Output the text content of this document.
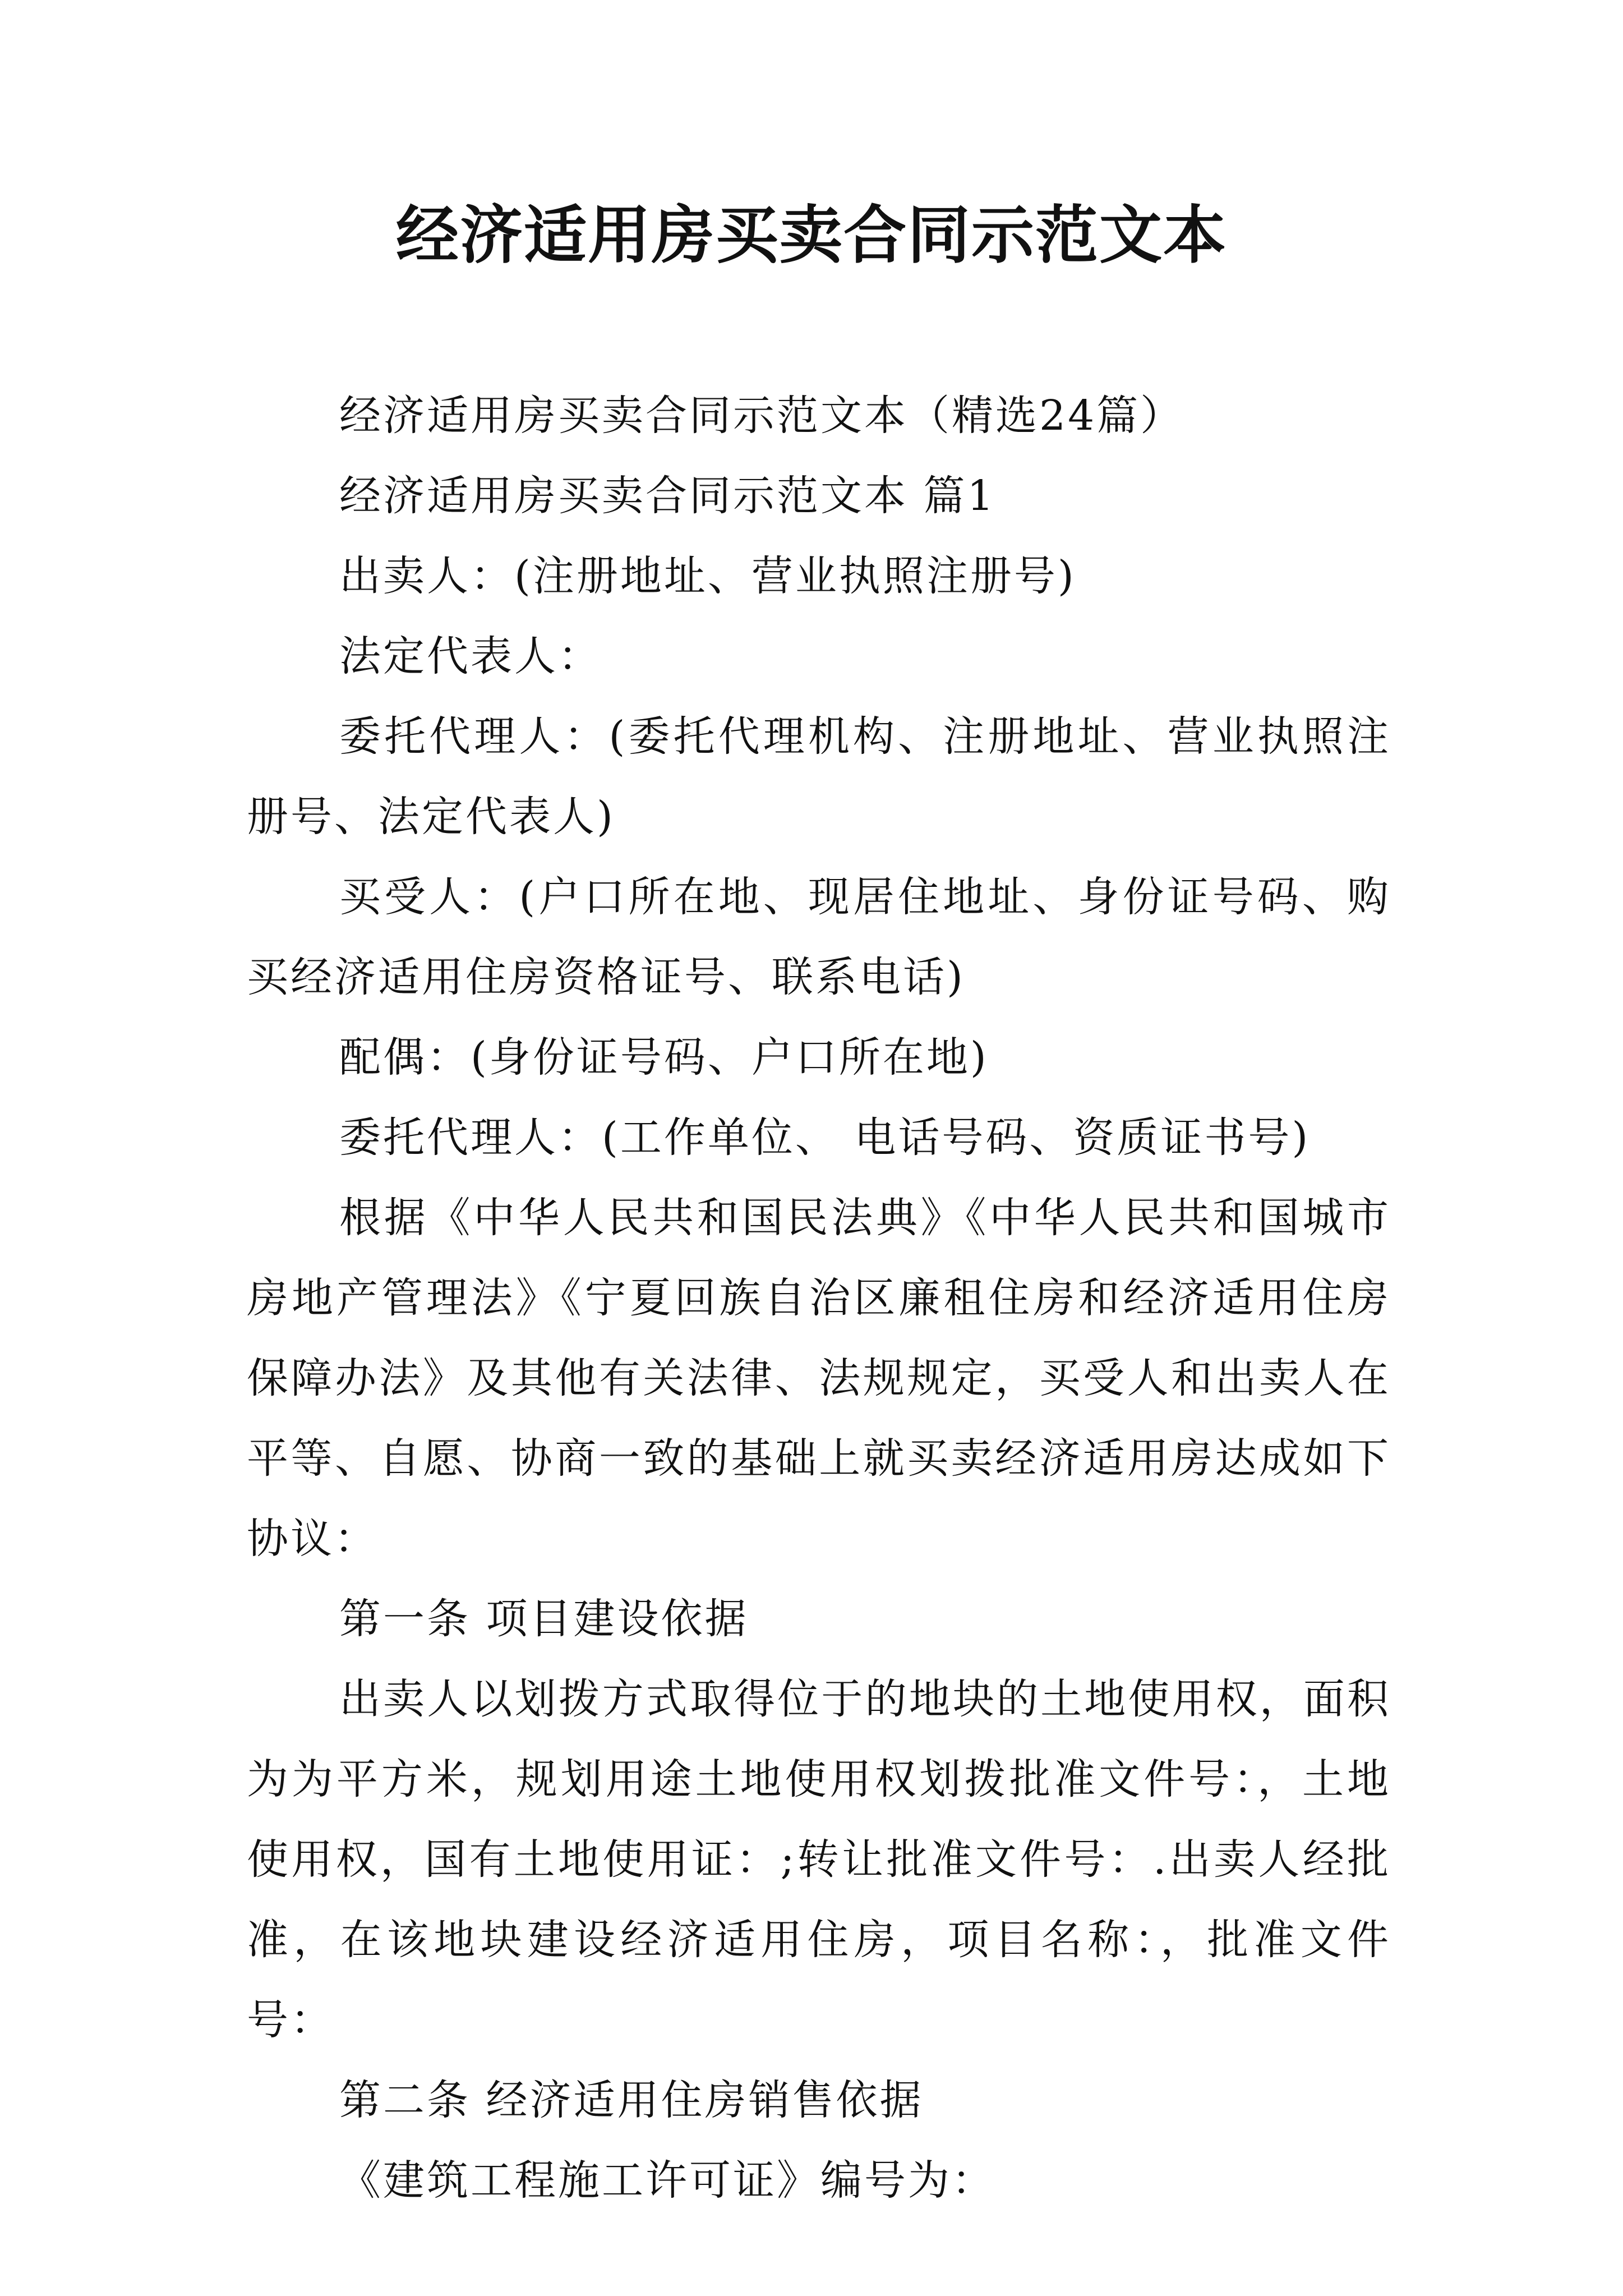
经济适用房买卖合同示范文本

经济适用房买卖合同示范文本（精选24篇）

经济适用房买卖合同示范文本 篇1

出卖人：(注册地址、营业执照注册号)

法定代表人：

委托代理人：(委托代理机构、注册地址、营业执照注册号、法定代表人)

买受人：(户口所在地、现居住地址、身份证号码、购买经济适用住房资格证号、联系电话)

配偶：(身份证号码、户口所在地)

委托代理人：(工作单位、 电话号码、资质证书号)

根据《中华人民共和国民法典》《中华人民共和国城市房地产管理法》《宁夏回族自治区廉租住房和经济适用住房保障办法》及其他有关法律、法规规定，买受人和出卖人在平等、自愿、协商一致的基础上就买卖经济适用房达成如下协议：

第一条 项目建设依据

出卖人以划拨方式取得位于的地块的土地使用权，面积为为平方米，规划用途土地使用权划拨批准文件号：，土地使用权，国有土地使用证：;转让批准文件号：.出卖人经批准，在该地块建设经济适用住房，项目名称：，批准文件号：

第二条 经济适用住房销售依据

《建筑工程施工许可证》编号为：
